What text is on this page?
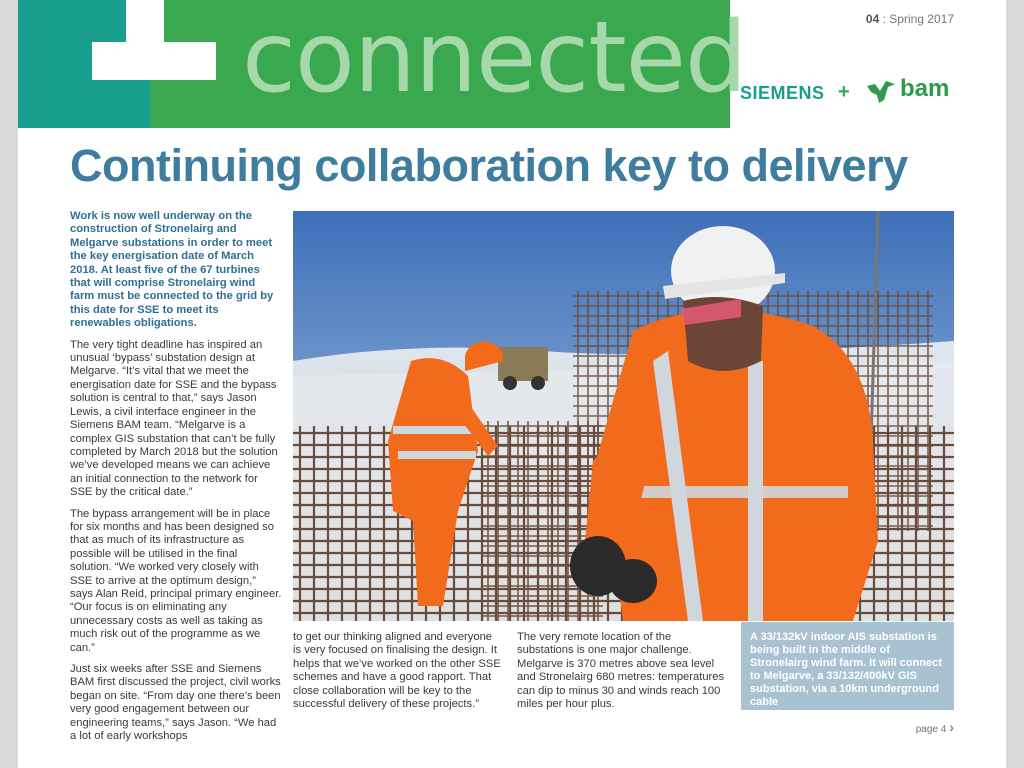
connected	04 : Spring 2017
SIEMENS + bam
Continuing collaboration key to delivery

Work is now well underway on the construction of Stronelairg and Melgarve substations in order to meet the key energisation date of March 2018. At least five of the 67 turbines that will comprise Stronelairg wind farm must be connected to the grid by this date for SSE to meet its renewables obligations.

The very tight deadline has inspired an unusual ‘bypass’ substation design at Melgarve. “It’s vital that we meet the energisation date for SSE and the bypass solution is central to that,” says Jason Lewis, a civil interface engineer in the Siemens BAM team. “Melgarve is a complex GIS substation that can’t be fully completed by March 2018 but the solution we’ve developed means we can achieve an initial connection to the network for SSE by the critical date.”

The bypass arrangement will be in place for six months and has been designed so that as much of its infrastructure as possible will be utilised in the final solution. “We worked very closely with SSE to arrive at the optimum design,” says Alan Reid, principal primary engineer. “Our focus is on eliminating any unnecessary costs as well as taking as much risk out of the programme as we can.”

Just six weeks after SSE and Siemens BAM first discussed the project, civil works began on site. “From day one there’s been very good engagement between our engineering teams,” says Jason. “We had a lot of early workshops

to get our thinking aligned and everyone is very focused on finalising the design. It helps that we’ve worked on the other SSE schemes and have a good rapport. That close collaboration will be key to the successful delivery of these projects.”

The very remote location of the substations is one major challenge. Melgarve is 370 metres above sea level and Stronelairg 680 metres: temperatures can dip to minus 30 and winds reach 100 miles per hour plus.

A 33/132kV indoor AIS substation is being built in the middle of Stronelairg wind farm. It will connect to Melgarve, a 33/132/400kV GIS substation, via a 10km underground cable
page 4 ›
